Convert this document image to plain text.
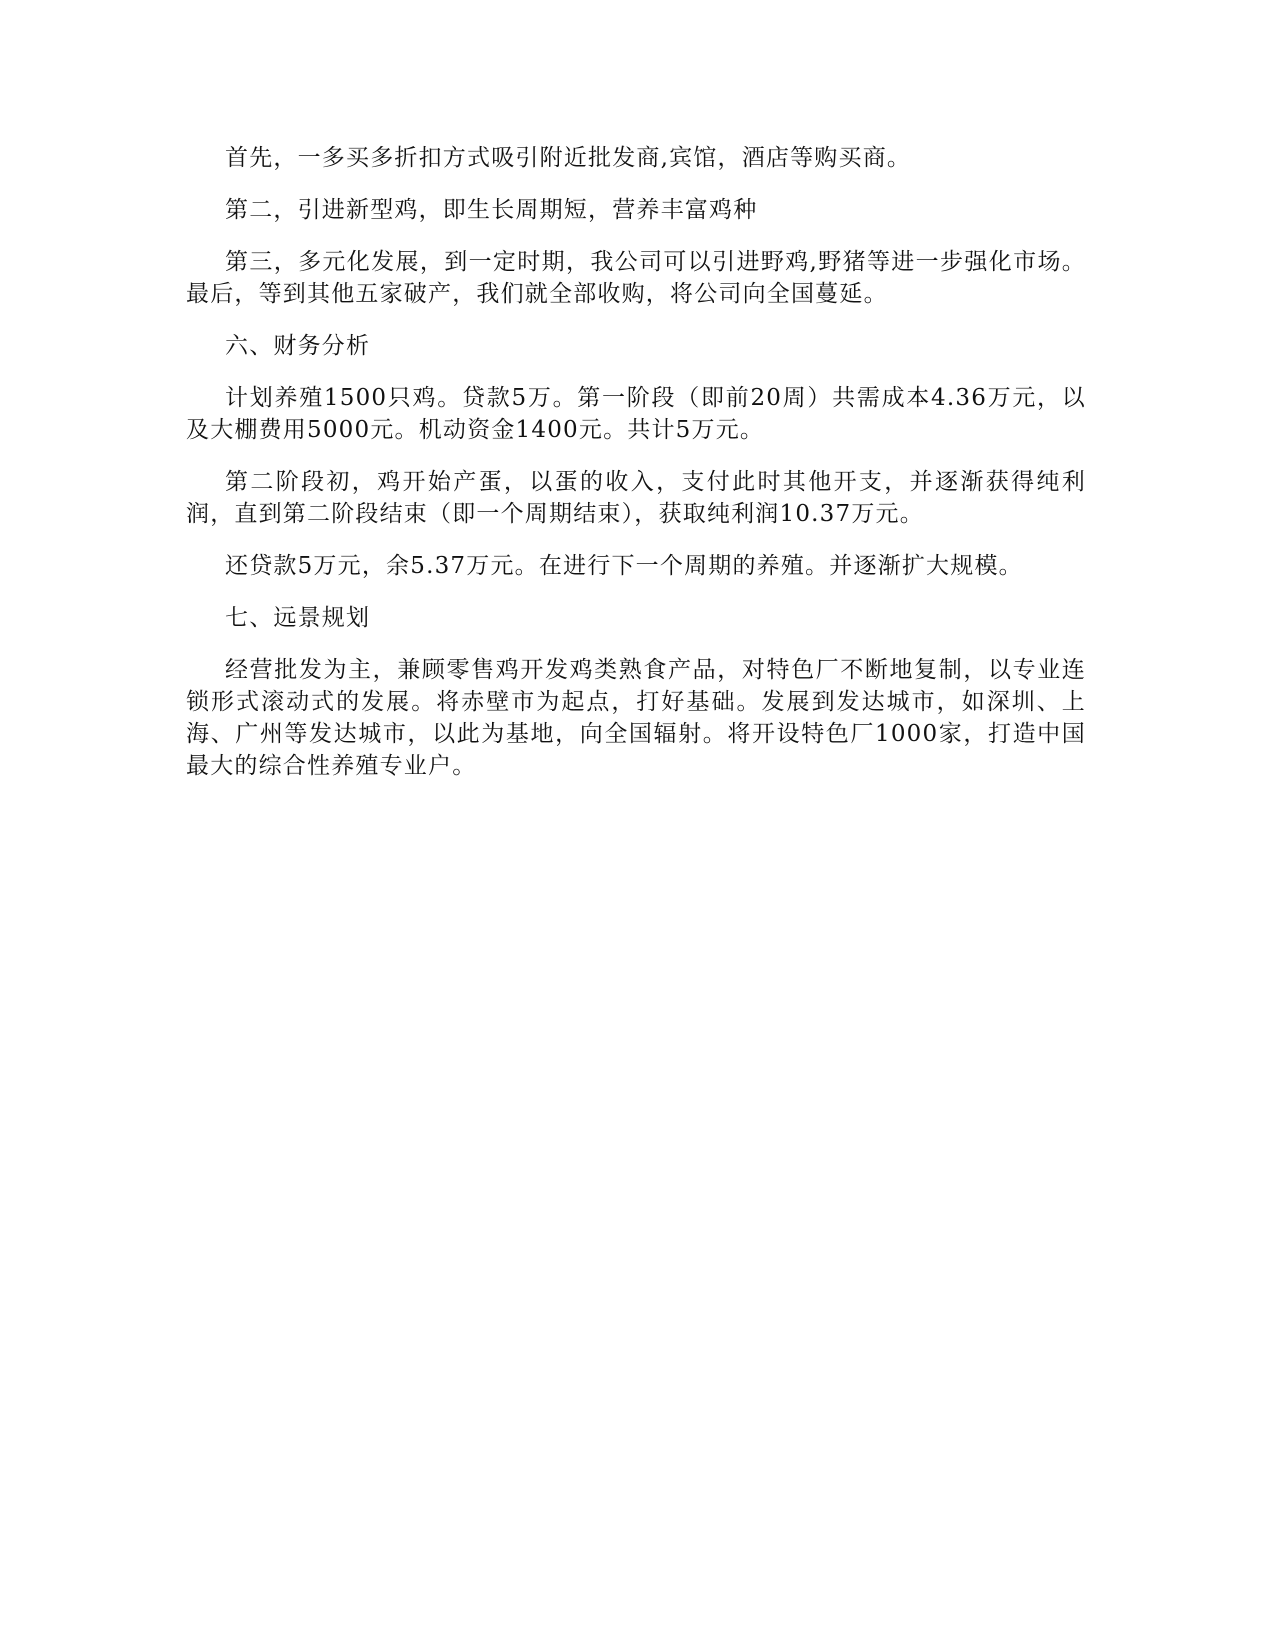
首先，一多买多折扣方式吸引附近批发商,宾馆，酒店等购买商。

第二，引进新型鸡，即生长周期短，营养丰富鸡种

第三，多元化发展，到一定时期，我公司可以引进野鸡,野猪等进一步强化市场。 最后，等到其他五家破产，我们就全部收购，将公司向全国蔓延。

六、财务分析

计划养殖1500只鸡。贷款5万。第一阶段（即前20周）共需成本4.36万元，以及大棚费用5000元。机动资金1400元。共计5万元。

第二阶段初，鸡开始产蛋，以蛋的收入，支付此时其他开支，并逐渐获得纯利润，直到第二阶段结束（即一个周期结束），获取纯利润10.37万元。

还贷款5万元，余5.37万元。在进行下一个周期的养殖。并逐渐扩大规模。

七、远景规划

经营批发为主，兼顾零售鸡开发鸡类熟食产品，对特色厂不断地复制，以专业连锁形式滚动式的发展。将赤壁市为起点，打好基础。发展到发达城市，如深圳、上海、广州等发达城市，以此为基地，向全国辐射。将开设特色厂1000家，打造中国最大的综合性养殖专业户。
